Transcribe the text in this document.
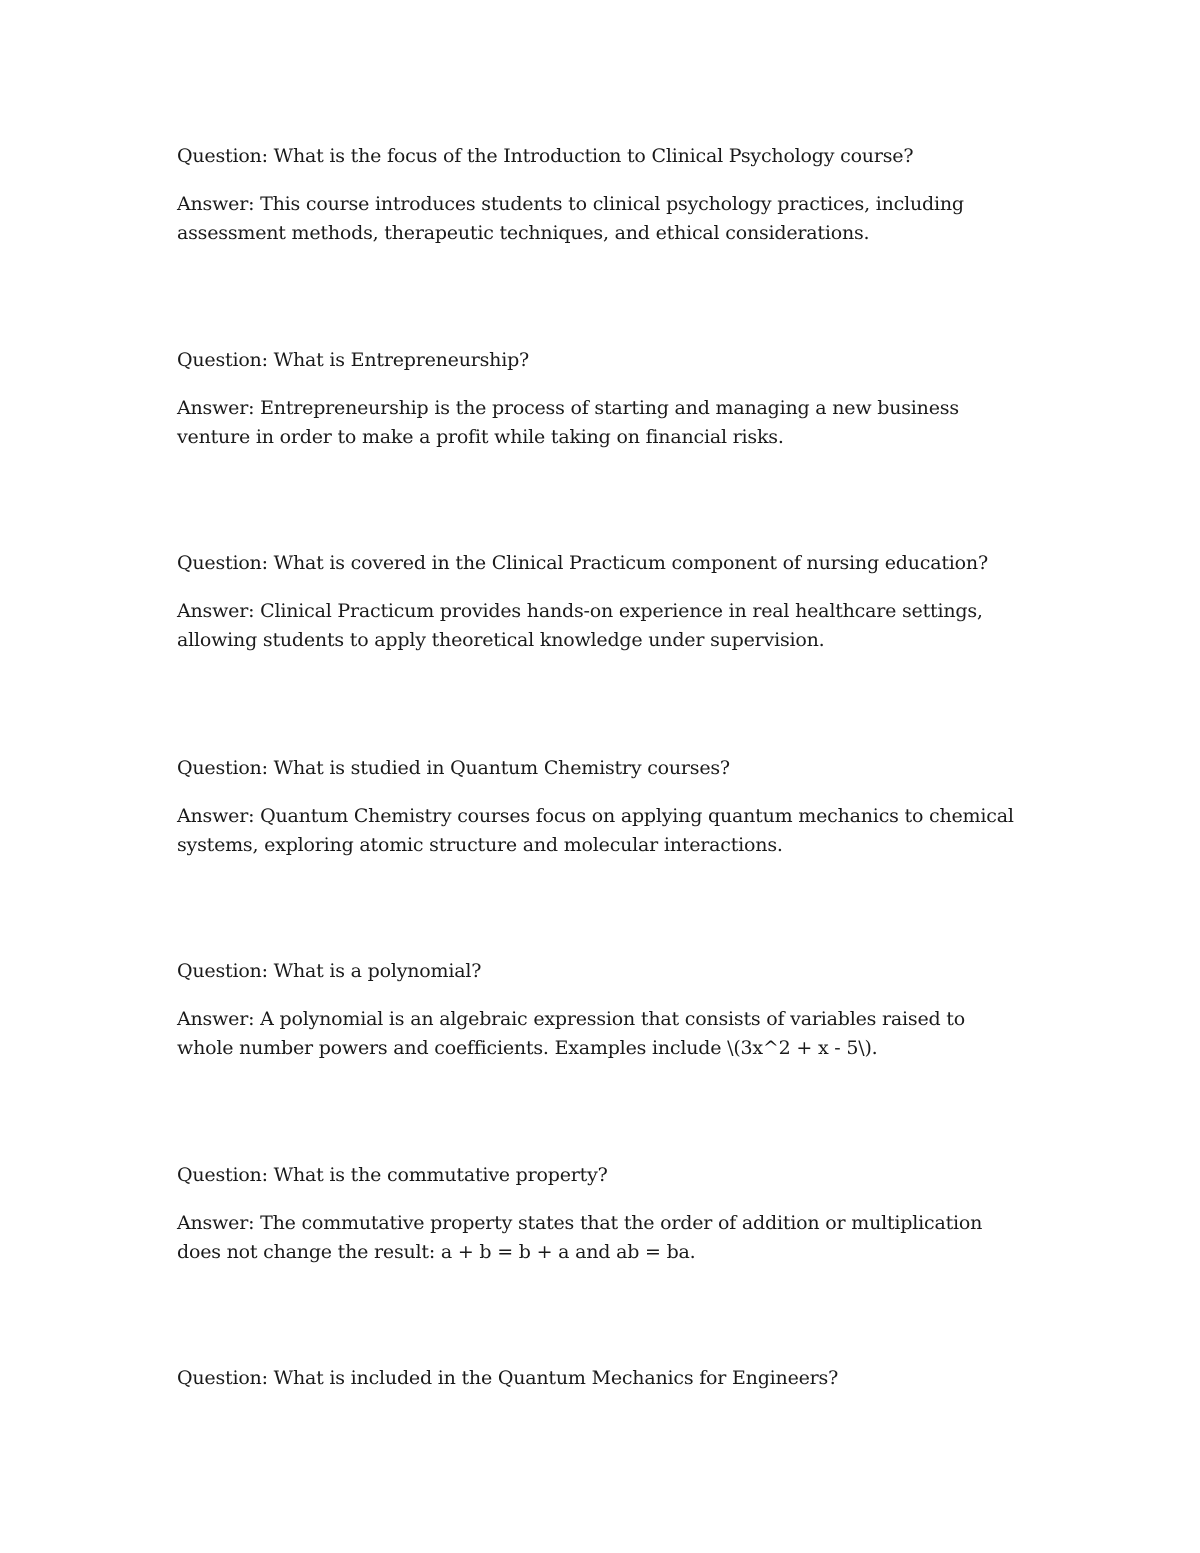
Question: What is the focus of the Introduction to Clinical Psychology course?

Answer: This course introduces students to clinical psychology practices, including assessment methods, therapeutic techniques, and ethical considerations.

Question: What is Entrepreneurship?

Answer: Entrepreneurship is the process of starting and managing a new business venture in order to make a profit while taking on financial risks.

Question: What is covered in the Clinical Practicum component of nursing education?

Answer: Clinical Practicum provides hands-on experience in real healthcare settings, allowing students to apply theoretical knowledge under supervision.

Question: What is studied in Quantum Chemistry courses?

Answer: Quantum Chemistry courses focus on applying quantum mechanics to chemical systems, exploring atomic structure and molecular interactions.

Question: What is a polynomial?

Answer: A polynomial is an algebraic expression that consists of variables raised to whole number powers and coefficients. Examples include \(3x^2 + x - 5\).

Question: What is the commutative property?

Answer: The commutative property states that the order of addition or multiplication does not change the result: a + b = b + a and ab = ba.

Question: What is included in the Quantum Mechanics for Engineers?
